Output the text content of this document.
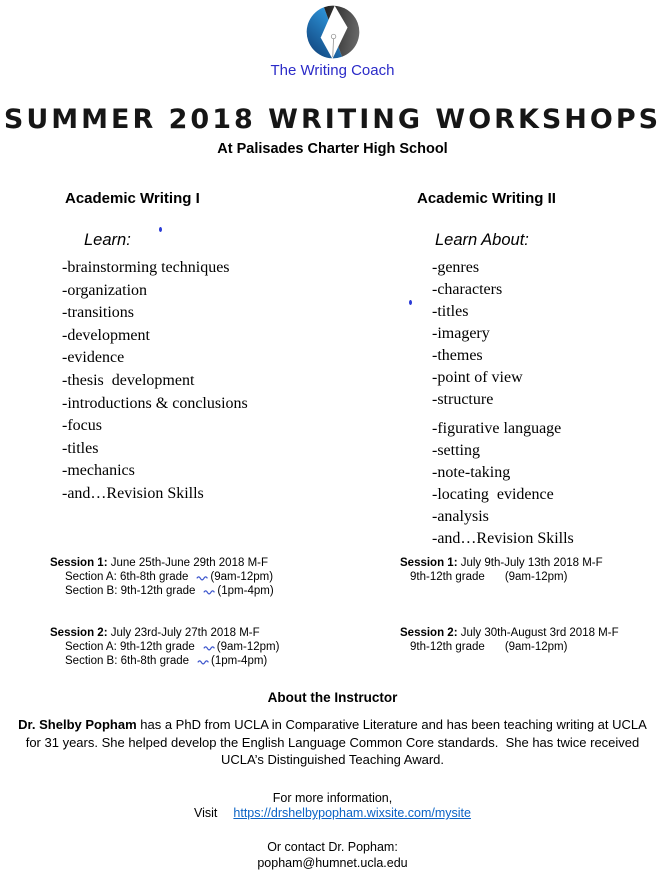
The Writing Coach
SUMMER 2018 WRITING WORKSHOPS
At Palisades Charter High School
Academic Writing I
Learn:
-brainstorming techniques
-organization
-transitions
-development
-evidence
-thesis  development
-introductions & conclusions
-focus
-titles
-mechanics
-and…Revision Skills
Academic Writing II
Learn About:
-genres
-characters
-titles
-imagery
-themes
-point of view
-structure
-figurative language
-setting
-note-taking
-locating  evidence
-analysis
-and…Revision Skills
Session 1: June 25th-June 29th 2018 M-F
Section A: 6th-8th grade (9am-12pm)
Section B: 9th-12th grade (1pm-4pm)
Session 1: July 9th-July 13th 2018 M-F
9th-12th grade (9am-12pm)
Session 2: July 23rd-July 27th 2018 M-F
Section A: 9th-12th grade (9am-12pm)
Section B: 6th-8th grade (1pm-4pm)
Session 2: July 30th-August 3rd 2018 M-F
9th-12th grade (9am-12pm)
About the Instructor
Dr. Shelby Popham has a PhD from UCLA in Comparative Literature and has been teaching writing at UCLA for 31 years. She helped develop the English Language Common Core standards.  She has twice received UCLA’s Distinguished Teaching Award.
For more information,
Visit https://drshelbypopham.wixsite.com/mysite
Or contact Dr. Popham:
popham@humnet.ucla.edu
